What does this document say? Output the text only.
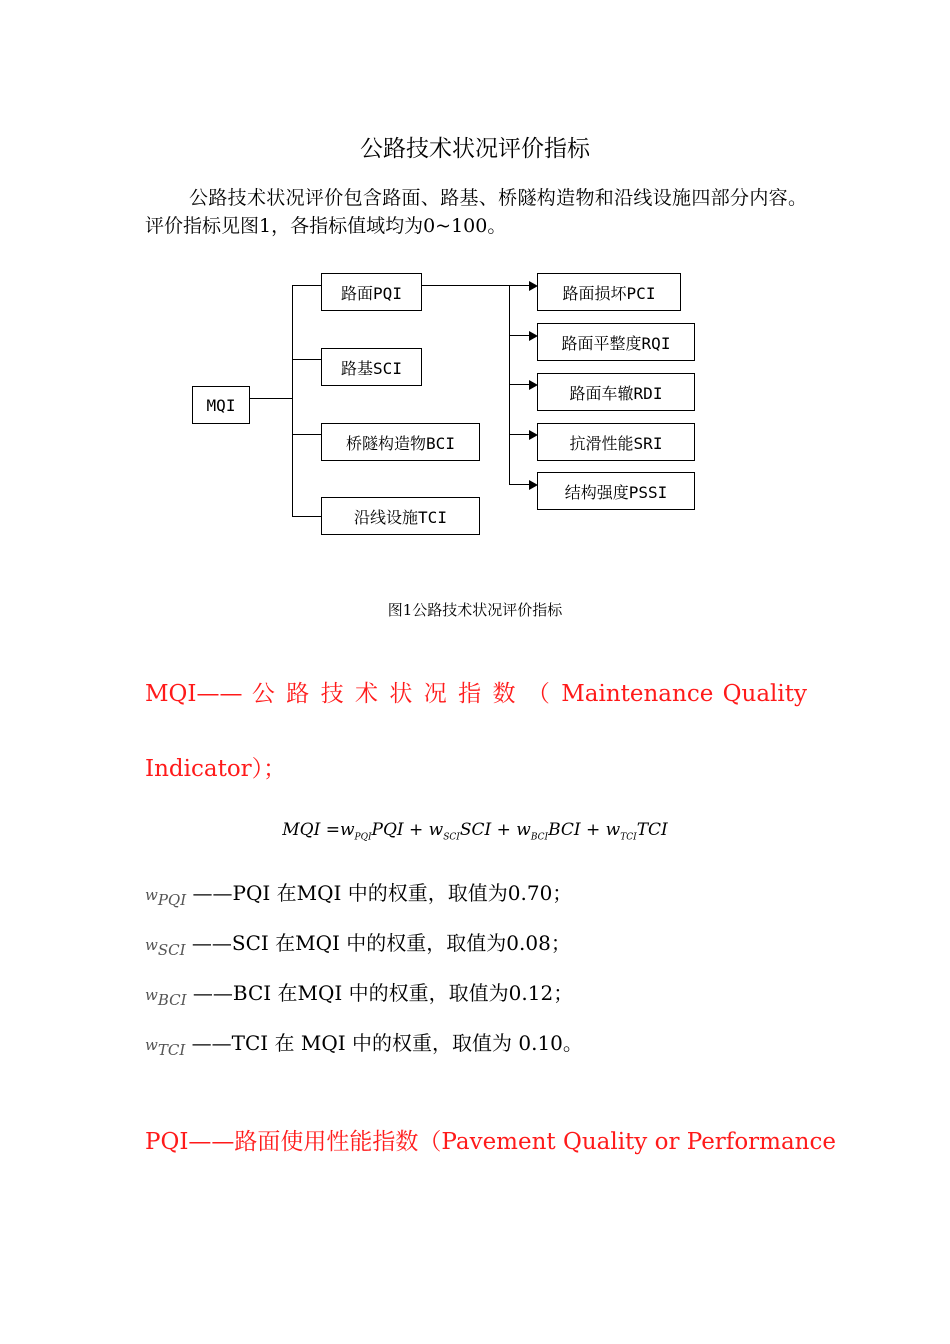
公路技术状况评价指标
公路技术状况评价包含路面、路基、桥隧构造物和沿线设施四部分内容。评价指标见图1，各指标值域均为0~100。
MQI
路面PQI
路基SCI
桥隧构造物BCI
沿线设施TCI
路面损坏PCI
路面平整度RQI
路面车辙RDI
抗滑性能SRI
结构强度PSSI
图1公路技术状况评价指标
MQI—— 公 路 技 术 状 况 指 数 （ Maintenance Quality
Indicator）；
MQI $=w_{PQI}PQI + w_{SCI}SCI + w_{BCI}BCI + w_{TCI}TCI$
$w_{PQI}$ ——PQI 在MQI 中的权重，取值为0.70；
$w_{SCI}$ ——SCI 在MQI 中的权重，取值为0.08；
$w_{BCI}$ ——BCI 在MQI 中的权重，取值为0.12；
$w_{TCI}$ ——TCI 在 MQI 中的权重，取值为 0.10。
PQI——路面使用性能指数（Pavement Quality or Performance
